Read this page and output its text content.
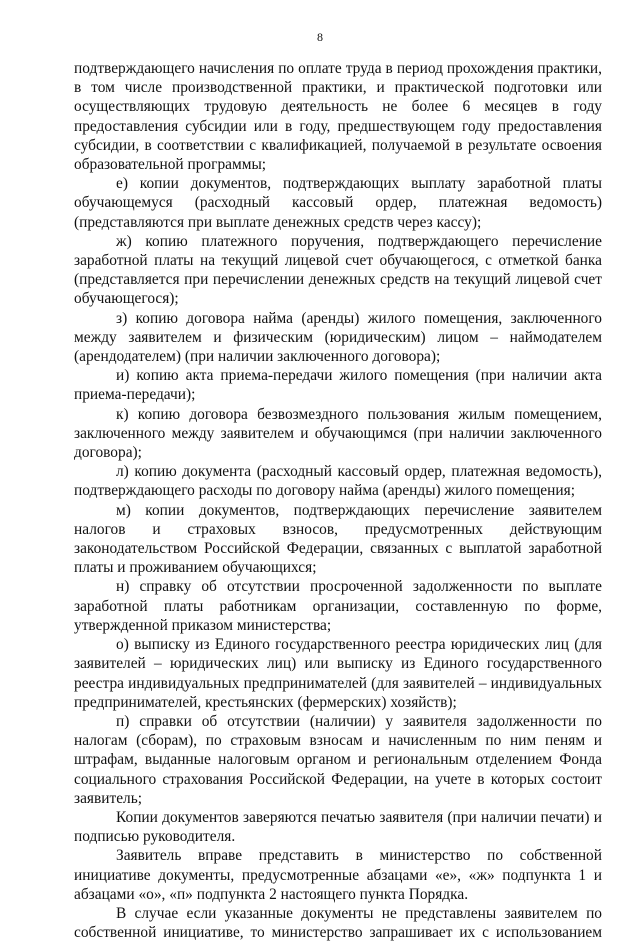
8

подтверждающего начисления по оплате труда в период прохождения практики, в том числе производственной практики, и практической подготовки или осуществляющих трудовую деятельность не более 6 месяцев в году предоставления субсидии или в году, предшествующем году предоставления субсидии, в соответствии с квалификацией, получаемой в результате освоения образовательной программы;

е) копии документов, подтверждающих выплату заработной платы обучающемуся (расходный кассовый ордер, платежная ведомость) (представляются при выплате денежных средств через кассу);

ж) копию платежного поручения, подтверждающего перечисление заработной платы на текущий лицевой счет обучающегося, с отметкой банка (представляется при перечислении денежных средств на текущий лицевой счет обучающегося);

з) копию договора найма (аренды) жилого помещения, заключенного между заявителем и физическим (юридическим) лицом – наймодателем (арендодателем) (при наличии заключенного договора);

и) копию акта приема-передачи жилого помещения (при наличии акта приема-передачи);

к) копию договора безвозмездного пользования жилым помещением, заключенного между заявителем и обучающимся (при наличии заключенного договора);

л) копию документа (расходный кассовый ордер, платежная ведомость), подтверждающего расходы по договору найма (аренды) жилого помещения;

м) копии документов, подтверждающих перечисление заявителем налогов и страховых взносов, предусмотренных действующим законодательством Российской Федерации, связанных с выплатой заработной платы и проживанием обучающихся;

н) справку об отсутствии просроченной задолженности по выплате заработной платы работникам организации, составленную по форме, утвержденной приказом министерства;

о) выписку из Единого государственного реестра юридических лиц (для заявителей – юридических лиц) или выписку из Единого государственного реестра индивидуальных предпринимателей (для заявителей – индивидуальных предпринимателей, крестьянских (фермерских) хозяйств);

п) справки об отсутствии (наличии) у заявителя задолженности по налогам (сборам), по страховым взносам и начисленным по ним пеням и штрафам, выданные налоговым органом и региональным отделением Фонда социального страхования Российской Федерации, на учете в которых состоит заявитель;

Копии документов заверяются печатью заявителя (при наличии печати) и подписью руководителя.

Заявитель вправе представить в министерство по собственной инициативе документы, предусмотренные абзацами «е», «ж» подпункта 1 и абзацами «о», «п» подпункта 2 настоящего пункта Порядка.

В случае если указанные документы не представлены заявителем по собственной инициативе, то министерство запрашивает их с использованием
